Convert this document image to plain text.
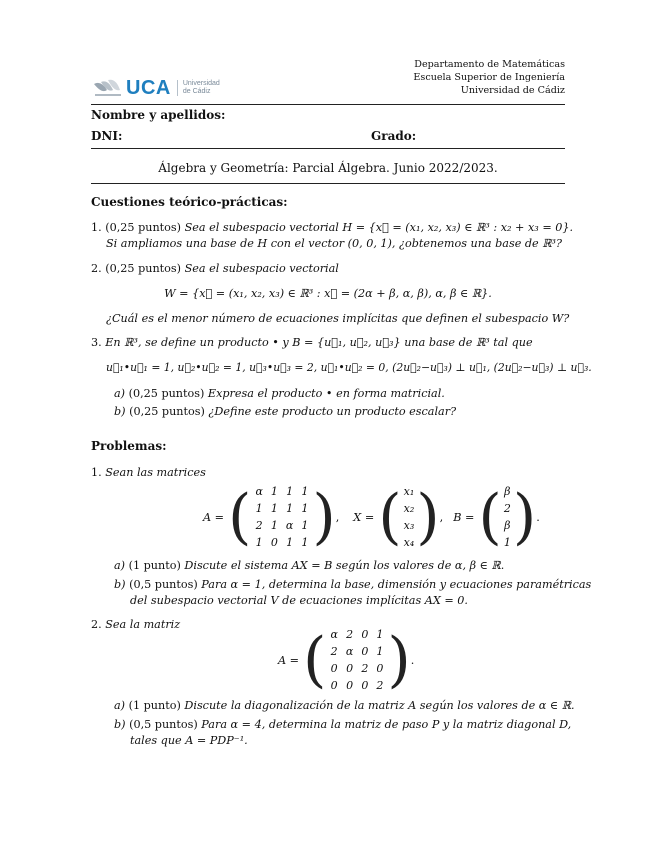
Departamento de Matemáticas
Escuela Superior de Ingeniería
Universidad de Cádiz
UCA	Universidad
de Cádiz
Nombre y apellidos:
DNI:	Grado:
Álgebra y Geometría: Parcial Álgebra. Junio 2022/2023.
Cuestiones teórico-prácticas:
1. (0,25 puntos) Sea el subespacio vectorial H = {x⃗ = (x₁, x₂, x₃) ∈ ℝ³ : x₂ + x₃ = 0}.
Si ampliamos una base de H con el vector (0, 0, 1), ¿obtenemos una base de ℝ³?
2. (0,25 puntos) Sea el subespacio vectorial
W = {x⃗ = (x₁, x₂, x₃) ∈ ℝ³ : x⃗ = (2α + β, α, β), α, β ∈ ℝ}.
¿Cuál es el menor número de ecuaciones implícitas que definen el subespacio W?
3. En ℝ³, se define un producto • y B = {u⃗₁, u⃗₂, u⃗₃} una base de ℝ³ tal que
u⃗₁•u⃗₁ = 1, u⃗₂•u⃗₂ = 1, u⃗₃•u⃗₃ = 2, u⃗₁•u⃗₂ = 0, (2u⃗₂−u⃗₃) ⊥ u⃗₁, (2u⃗₂−u⃗₃) ⊥ u⃗₃.
a) (0,25 puntos) Expresa el producto • en forma matricial.
b) (0,25 puntos) ¿Define este producto un producto escalar?
Problemas:
1. Sean las matrices
A = ( α	1	1	1
1	1	1	1
2	1	α	1
1	0	1	1 ) , X = ( x₁
x₂
x₃
x₄ ) , B = ( β
2
β
1 ) .
a) (1 punto) Discute el sistema AX = B según los valores de α, β ∈ ℝ.
b) (0,5 puntos) Para α = 1, determina la base, dimensión y ecuaciones paramétricas
del subespacio vectorial V de ecuaciones implícitas AX = 0.
2. Sea la matriz
A = ( α	2	0	1
2	α	0	1
0	0	2	0
0	0	0	2 ) .
a) (1 punto) Discute la diagonalización de la matriz A según los valores de α ∈ ℝ.
b) (0,5 puntos) Para α = 4, determina la matriz de paso P y la matriz diagonal D,
tales que A = PDP⁻¹.
